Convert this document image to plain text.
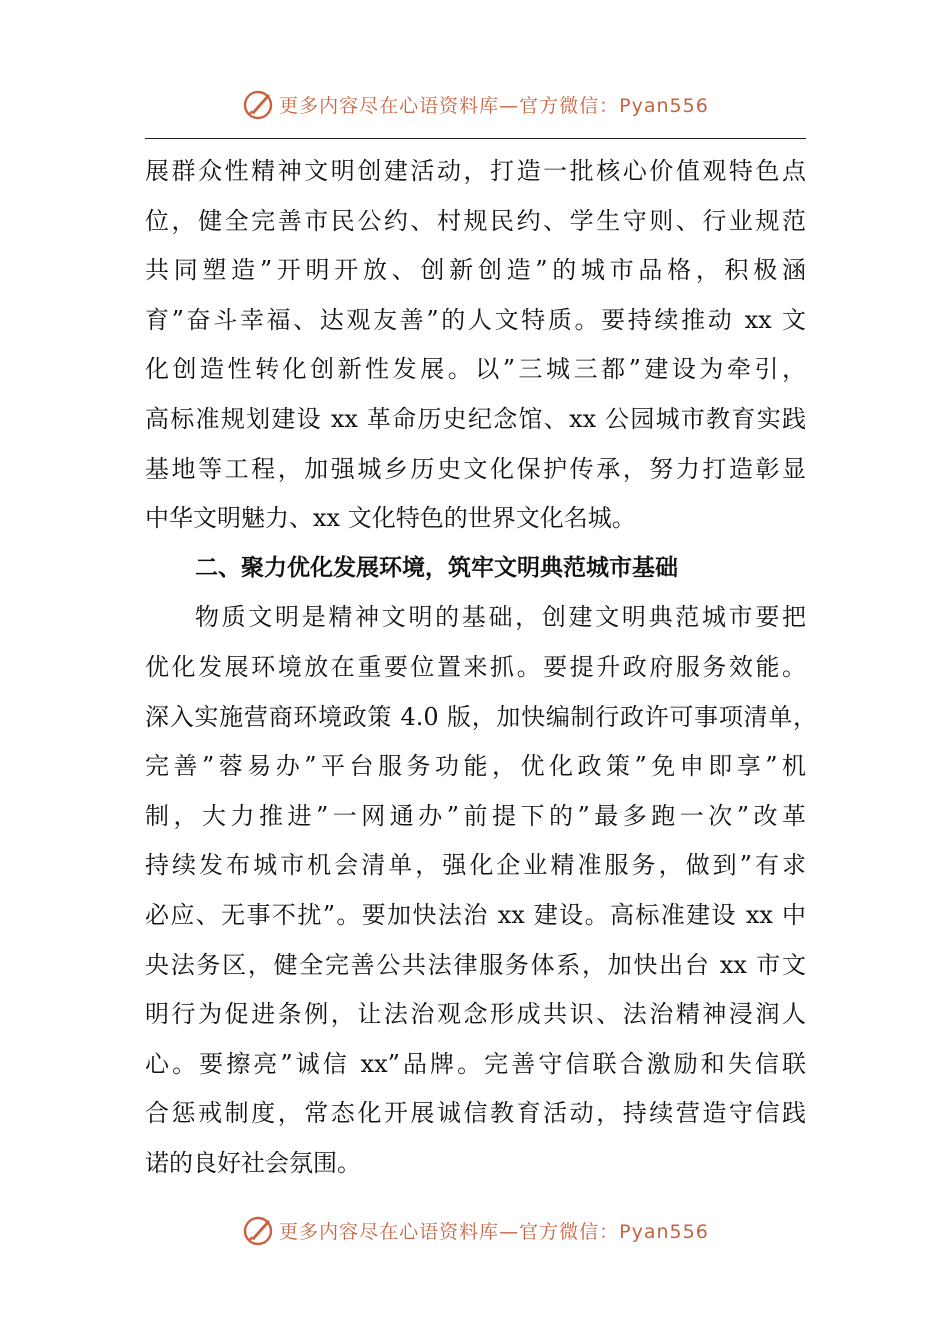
更多内容尽在心语资料库—官方微信：Pyan556
展群众性精神文明创建活动，打造一批核心价值观特色点
位，健全完善市民公约、村规民约、学生守则、行业规范
共同塑造”开明开放、创新创造”的城市品格，积极涵
育”奋斗幸福、达观友善”的人文特质。要持续推动 xx 文
化创造性转化创新性发展。以”三城三都”建设为牵引，
高标准规划建设 xx 革命历史纪念馆、xx 公园城市教育实践
基地等工程，加强城乡历史文化保护传承，努力打造彰显
中华文明魅力、xx 文化特色的世界文化名城。
二、聚力优化发展环境，筑牢文明典范城市基础
物质文明是精神文明的基础，创建文明典范城市要把
优化发展环境放在重要位置来抓。要提升政府服务效能。
深入实施营商环境政策 4.0 版，加快编制行政许可事项清单，
完善”蓉易办”平台服务功能，优化政策”免申即享”机
制，大力推进”一网通办”前提下的”最多跑一次”改革
持续发布城市机会清单，强化企业精准服务，做到”有求
必应、无事不扰”。要加快法治 xx 建设。高标准建设 xx 中
央法务区，健全完善公共法律服务体系，加快出台 xx 市文
明行为促进条例，让法治观念形成共识、法治精神浸润人
心。要擦亮”诚信 xx”品牌。完善守信联合激励和失信联
合惩戒制度，常态化开展诚信教育活动，持续营造守信践
诺的良好社会氛围。
更多内容尽在心语资料库—官方微信：Pyan556
